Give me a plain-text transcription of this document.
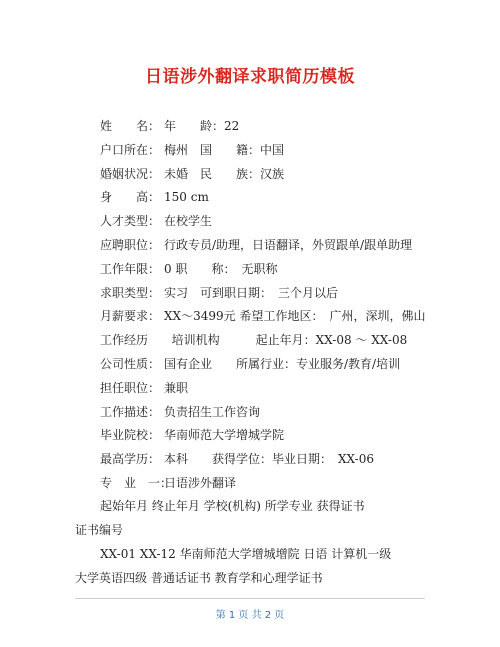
日语涉外翻译求职简历模板
姓　　名： 年　　龄：22
户口所在： 梅州　国　　籍：中国
婚姻状况： 未婚　民　　族：汉族
身　　高： 150 cm
人才类型： 在校学生
应聘职位： 行政专员/助理，日语翻译，外贸跟单/跟单助理
工作年限： 0 职　　称：　无职称
求职类型： 实习　可到职日期：　三个月以后
月薪要求： XX～3499元 希望工作地区：　广州，深圳，佛山
工作经历	培训机构　　　起止年月：XX-08 ～ XX-08
公司性质： 国有企业　　所属行业：专业服务/教育/培训
担任职位： 兼职
工作描述： 负责招生工作咨询
毕业院校： 华南师范大学增城学院
最高学历： 本科　　获得学位：毕业日期：　XX-06
专　业　一：
日语涉外翻译
起始年月 终止年月 学校(机构) 所学专业 获得证书
证书编号
XX-01 XX-12 华南师范大学增城增院 日语 计算机一级
大学英语四级 普通话证书 教育学和心理学证书
第 1 页 共 2 页
